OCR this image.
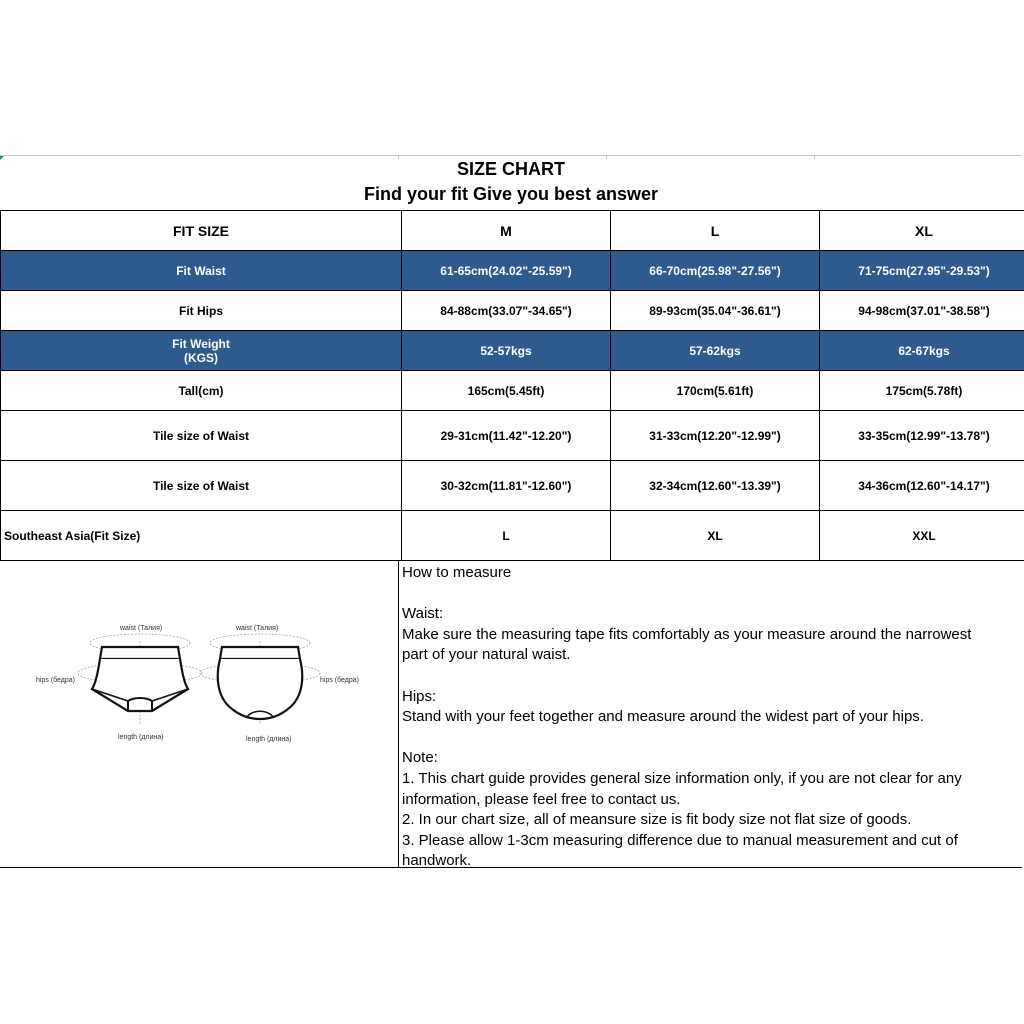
SIZE CHART
Find your fit Give you best answer
FIT SIZE	M	L	XL
Fit Waist	61-65cm(24.02"-25.59")	66-70cm(25.98"-27.56")	71-75cm(27.95"-29.53")
Fit Hips	84-88cm(33.07"-34.65")	89-93cm(35.04"-36.61")	94-98cm(37.01"-38.58")

Fit Weight
(KGS)	52-57kgs	57-62kgs	62-67kgs
Tall(cm)	165cm(5.45ft)	170cm(5.61ft)	175cm(5.78ft)
Tile size of Waist	29-31cm(11.42"-12.20")	31-33cm(12.20"-12.99")	33-35cm(12.99"-13.78")
Tile size of Waist	30-32cm(11.81"-12.60")	32-34cm(12.60"-13.39")	34-36cm(12.60"-14.17")
Southeast Asia(Fit Size)	L	XL	XXL
waist (Талия)
hips (бедра)
length (длина)
waist (Талия)
hips (бедра)
length (длина)

How to measure

Waist:

Make sure the measuring tape fits comfortably as your measure around the narrowest

part of your natural waist.

Hips:

Stand with your feet together and measure around the widest part of your hips.

Note:

1. This chart guide provides general size information only, if you are not clear for any

information, please feel free to contact us.

2. In our chart size, all of meansure size is fit body size not flat size of goods.

3. Please allow 1-3cm measuring difference due to manual measurement and cut of

handwork.
